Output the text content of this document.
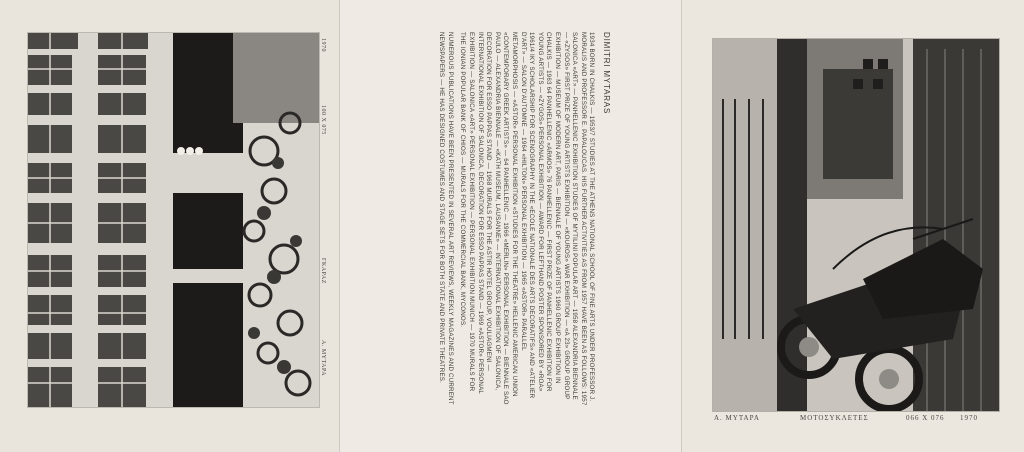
Α. ΜΥΤΑΡΑ
ΓΚΑΡΑΖ
100 Χ 075
1970	DIMITRI MYTARAS

1934 BORN IN CHALKIS — 1953/7 STUDIES AT THE ATHENS NATIONAL SCHOOL OF FINE ARTS UNDER PROFESSOR J. MORALIS AND PROFESSOR E. PAPALOUCAS. HIS FURTHER ACTIVITIES AS FROM 1957 HAVE BEEN AS FOLLOWS: 1957 SALONICA «ART» — PANHELLENIC EXHIBITION STUDIES OF MYTILINI POPULAR ART — 1958 ALEXANDRIA BIENNALE — «ZYGOS» FIRST PRIZE OF YOUNG ARTISTS EXHIBITION — «KOUROS» WAR EXHIBITION — «A 23» GROUP GROUP EXHIBITION — MUSEUM OF MODERN ART, PARIS — BIENNALE OF YOUNG ARTISTS 1960 GROUP EXHIBITION IN CHALKIS — 1963 64 PANHELLENIC «ARMOS» 76 PANHELLENIC — FIRST PRIZE OF PANHELLENIC EXHIBITION FOR YOUNG ARTISTS — «ZYGOS» PERSONAL EXHIBITION — AWARD FOR LEFTHAND POSTER SPONSORED BY «ROA» 1961/4 IKY SCHOLARSHIP FOR SCENOGRAPHY IN THE «ECOLE NATIONALE DES ARTS DECORATIFS» AND «ATELIER D'ART» — SALON D'AUTOMNE — 1964 «HILTON» PERSONAL EXHIBITION — 1965 «ASTOR» PARALLEL METAMORPHOSIS — «ASTOR» PERSONAL EXHIBITION «STUDIES FOR THE THEATRE» HELLENIC AMERICAN UNION «CONTEMPORARY GREEK ARTISTS» — 64 PANHELLENIC — 1966 «MERLIN» PERSONAL EXHIBITION — BIENNALE SAO PAULO — ALEXANDRIA BIENNALE — «KATH MUSEUM, LAUSANNE» — INTERNATIONAL EXHIBITION OF SALONICA, DECORATION FOR ESSO PAPPAS STAND — 1968 MURALS FOR THE ASTIR HOTEL GROUP, VOULIAGMENI — INTERNATIONAL EXHIBITION OF SALONICA, DECORATION FOR ESSO PAPPAS STAND — 1969 «ASTOR» PERSONAL EXHIBITION — SALONICA «ART» PERSONAL EXHIBITION — PERSONAL EXHIBITION MUNICH — 1970 MURALS FOR THE IONIAN POPULAR BANK OF CHIOS — MURALS FOR THE COMMERCIAL BANK, MYCONOS.

NUMEROUS PUBLICATIONS HAVE BEEN PRESENTED IN SEVERAL ART REVIEWS, WEEKLY MAGAZINES AND CURRENT NEWSPAPERS — HE HAS DESIGNED COSTUMES AND STAGE SETS FOR BOTH STATE AND PRIVATE THEATRES.

Α. ΜΥΤΑΡΑ	ΜΟΤΟΣΥΚΛΕΤΕΣ	066 Χ 076 1970
